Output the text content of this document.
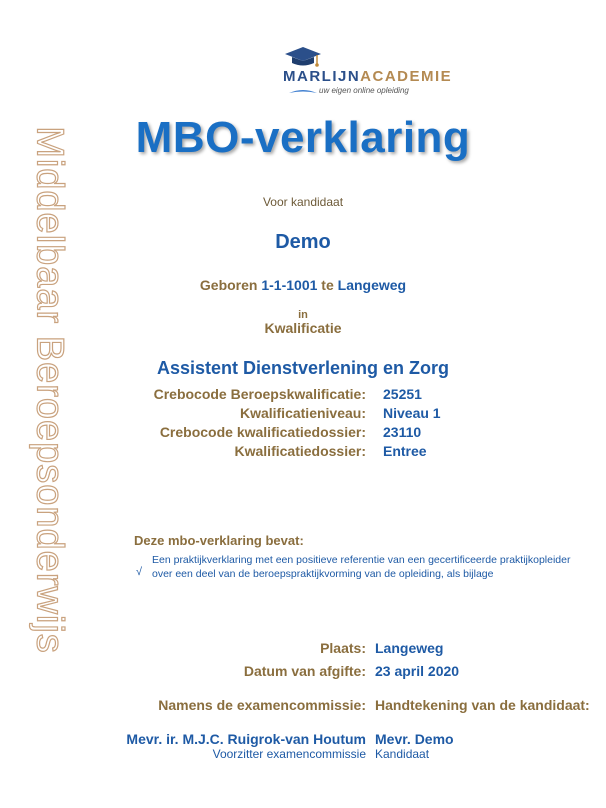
Middelbaar Beroepsonderwijs
MARLIJNACADEMIE
uw eigen online opleiding
MBO-verklaring
Voor kandidaat
Demo
Geboren 1-1-1001 te Langeweg
in
Kwalificatie
Assistent Dienstverlening en Zorg
Crebocode Beroepskwalificatie: 25251
Kwalificatieniveau: Niveau 1
Crebocode kwalificatiedossier: 23110
Kwalificatiedossier: Entree
Deze mbo-verklaring bevat:
√
Een praktijkverklaring met een positieve referentie van een gecertificeerde praktijkopleider over een deel van de beroepspraktijkvorming van de opleiding, als bijlage
Plaats: Langeweg
Datum van afgifte: 23 april 2020
Namens de examencommissie: Handtekening van de kandidaat:
Mevr. ir. M.J.C. Ruigrok-van Houtum
Voorzitter examencommissie
Mevr. Demo
Kandidaat
